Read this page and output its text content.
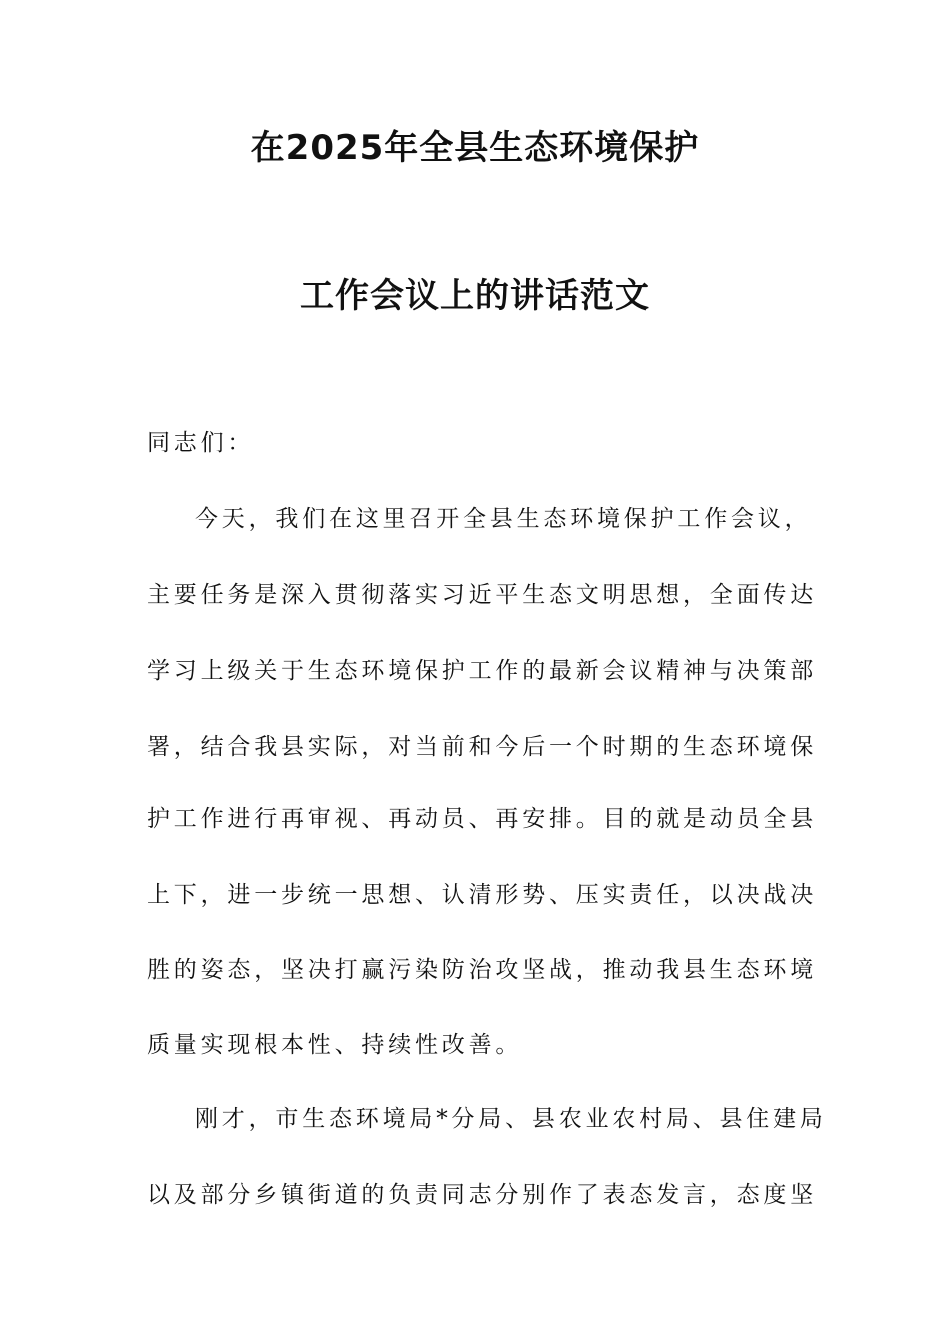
在2025年全县生态环境保护
工作会议上的讲话范文
同志们：
今天，我们在这里召开全县生态环境保护工作会议，
主要任务是深入贯彻落实习近平生态文明思想，全面传达
学习上级关于生态环境保护工作的最新会议精神与决策部
署，结合我县实际，对当前和今后一个时期的生态环境保
护工作进行再审视、再动员、再安排。目的就是动员全县
上下，进一步统一思想、认清形势、压实责任，以决战决
胜的姿态，坚决打赢污染防治攻坚战，推动我县生态环境
质量实现根本性、持续性改善。
刚才，市生态环境局*分局、县农业农村局、县住建局
以及部分乡镇街道的负责同志分别作了表态发言，态度坚
